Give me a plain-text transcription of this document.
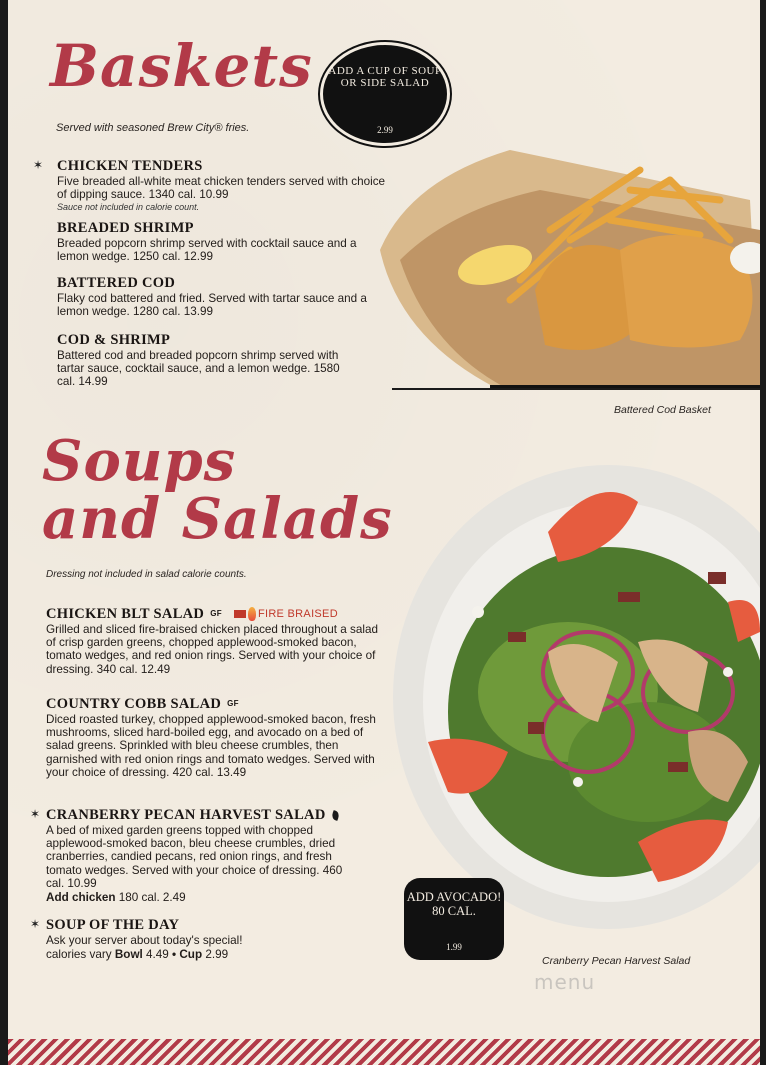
Baskets
Served with seasoned Brew City® fries.
ADD A CUP OF SOUP OR SIDE SALAD
2.99
✶ CHICKEN TENDERS

Five breaded all-white meat chicken tenders served with choice of dipping sauce. 1340 cal. 10.99

Sauce not included in calorie count.

BREADED SHRIMP

Breaded popcorn shrimp served with cocktail sauce and a lemon wedge. 1250 cal. 12.99

BATTERED COD

Flaky cod battered and fried. Served with tartar sauce and a lemon wedge. 1280 cal. 13.99

COD & SHRIMP

Battered cod and breaded popcorn shrimp served with tartar sauce, cocktail sauce, and a lemon wedge. 1580 cal. 14.99

Battered Cod Basket
Soups
and Salads
Dressing not included in salad calorie counts.
CHICKEN BLT SALAD GF	FIRE BRAISED

Grilled and sliced fire-braised chicken placed throughout a salad of crisp garden greens, chopped applewood-smoked bacon, tomato wedges, and red onion rings. Served with your choice of dressing. 340 cal. 12.49

COUNTRY COBB SALAD GF

Diced roasted turkey, chopped applewood-smoked bacon, fresh mushrooms, sliced hard-boiled egg, and avocado on a bed of salad greens. Sprinkled with bleu cheese crumbles, then garnished with red onion rings and tomato wedges. Served with your choice of dressing. 420 cal. 13.49

✶ CRANBERRY PECAN HARVEST SALAD

A bed of mixed garden greens topped with chopped applewood-smoked bacon, bleu cheese crumbles, dried cranberries, candied pecans, red onion rings, and fresh tomato wedges. Served with your choice of dressing. 460 cal. 10.99

Add chicken 180 cal. 2.49

✶ SOUP OF THE DAY

Ask your server about today's special!

calories vary Bowl 4.49 • Cup 2.99

ADD AVOCADO! 80 CAL.
1.99
Cranberry Pecan Harvest Salad
menu
